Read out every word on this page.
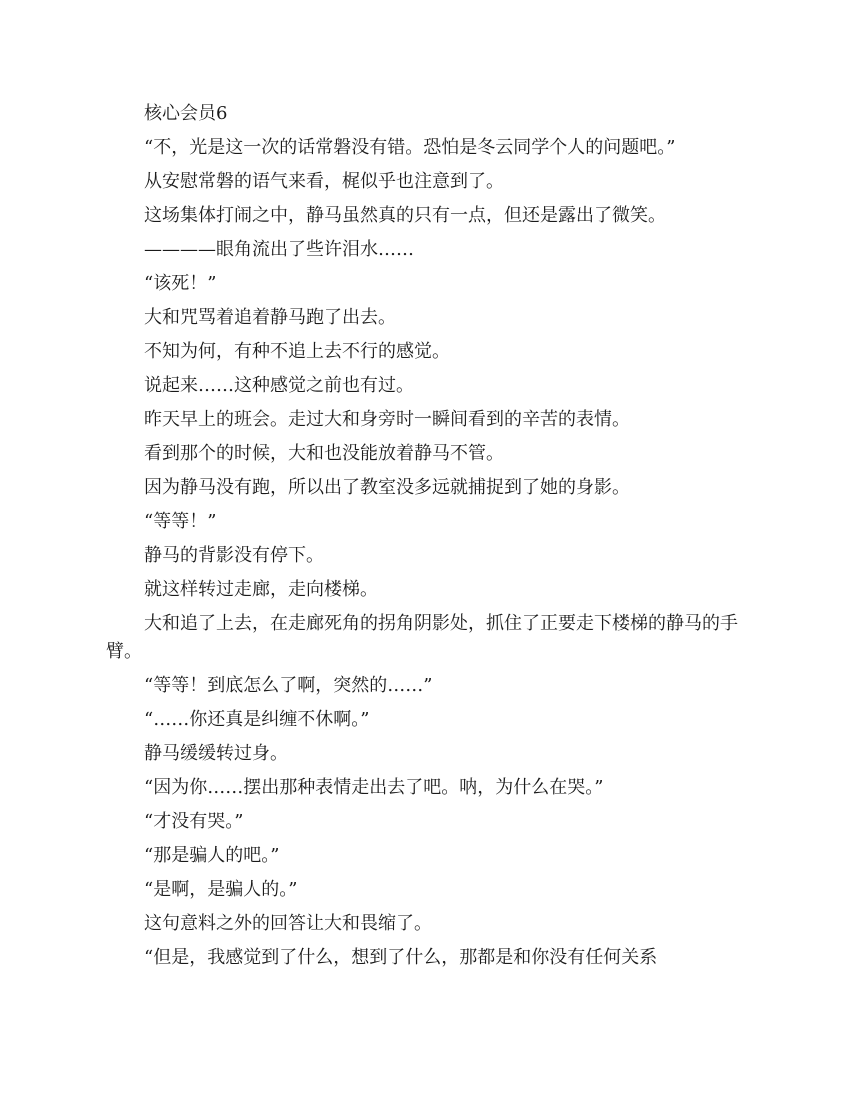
核心会员6

“不，光是这一次的话常磐没有错。恐怕是冬云同学个人的问题吧。”

从安慰常磐的语气来看，梶似乎也注意到了。

这场集体打闹之中，静马虽然真的只有一点，但还是露出了微笑。

————眼角流出了些许泪水……

“该死！”

大和咒骂着追着静马跑了出去。

不知为何，有种不追上去不行的感觉。

说起来……这种感觉之前也有过。

昨天早上的班会。走过大和身旁时一瞬间看到的辛苦的表情。

看到那个的时候，大和也没能放着静马不管。

因为静马没有跑，所以出了教室没多远就捕捉到了她的身影。

“等等！”

静马的背影没有停下。

就这样转过走廊，走向楼梯。

大和追了上去，在走廊死角的拐角阴影处，抓住了正要走下楼梯的静马的手臂。

“等等！到底怎么了啊，突然的……”

“……你还真是纠缠不休啊。”

静马缓缓转过身。

“因为你……摆出那种表情走出去了吧。呐，为什么在哭。”

“才没有哭。”

“那是骗人的吧。”

“是啊，是骗人的。”

这句意料之外的回答让大和畏缩了。

“但是，我感觉到了什么，想到了什么，那都是和你没有任何关系
